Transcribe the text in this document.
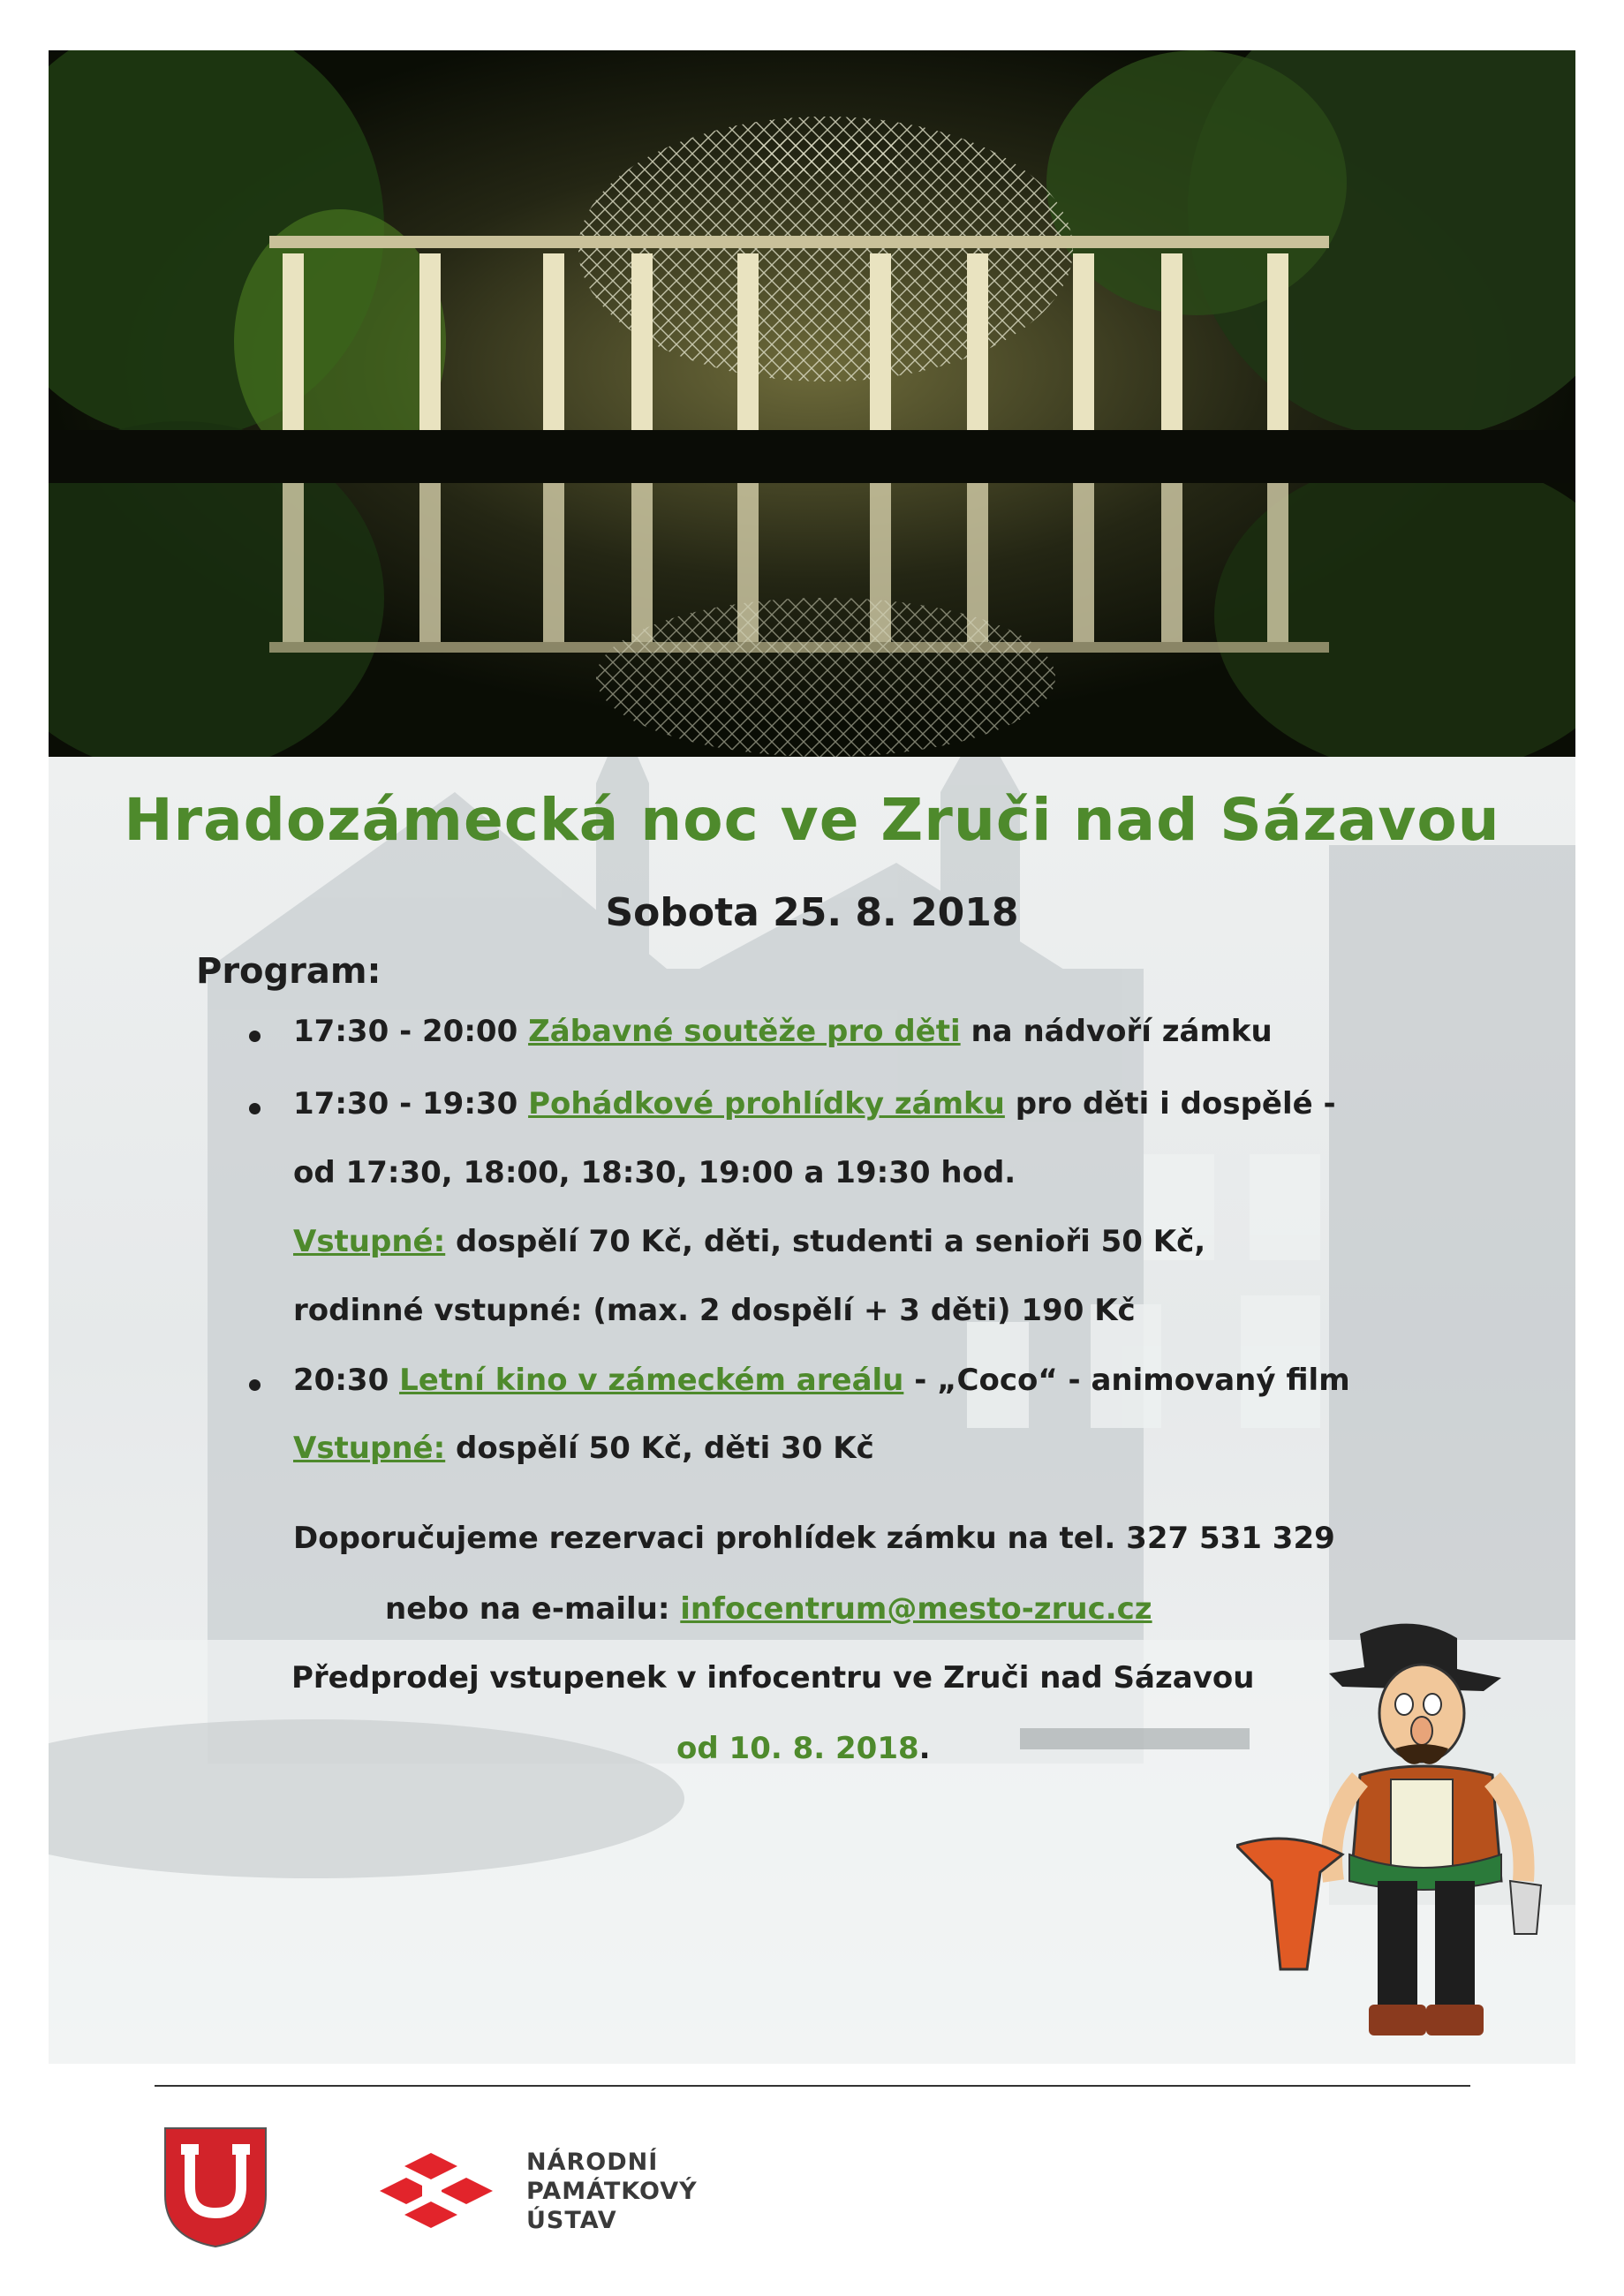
Hradozámecká noc ve Zruči nad Sázavou
Sobota 25. 8. 2018
Program:
17:30 - 20:00 Zábavné soutěže pro děti na nádvoří zámku
17:30 - 19:30 Pohádkové prohlídky zámku pro děti i dospělé -
od 17:30, 18:00, 18:30, 19:00 a 19:30 hod.
Vstupné: dospělí 70 Kč, děti, studenti a senioři 50 Kč,
rodinné vstupné: (max. 2 dospělí + 3 děti) 190 Kč
20:30 Letní kino v zámeckém areálu - „Coco“ - animovaný film
Vstupné: dospělí 50 Kč, děti 30 Kč
Doporučujeme rezervaci prohlídek zámku na tel. 327 531 329
nebo na e-mailu: infocentrum@mesto-zruc.cz
Předprodej vstupenek v infocentru ve Zruči nad Sázavou
od 10. 8. 2018.
NÁRODNÍ
PAMÁTKOVÝ
ÚSTAV
